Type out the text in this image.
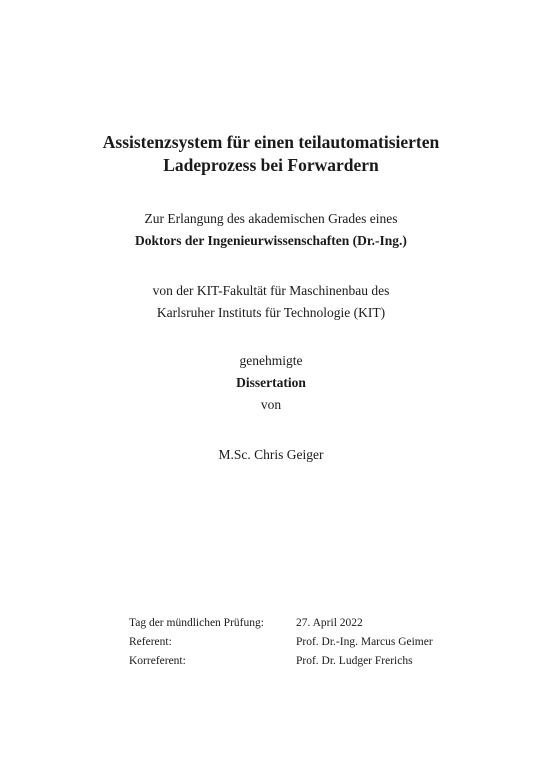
Assistenzsystem für einen teilautomatisierten
Ladeprozess bei Forwardern
Zur Erlangung des akademischen Grades eines
Doktors der Ingenieurwissenschaften (Dr.-Ing.)
von der KIT-Fakultät für Maschinenbau des
Karlsruher Instituts für Technologie (KIT)
genehmigte
Dissertation
von
M.Sc. Chris Geiger
Tag der mündlichen Prüfung:	27. April 2022
Referent:	Prof. Dr.-Ing. Marcus Geimer
Korreferent:	Prof. Dr. Ludger Frerichs
